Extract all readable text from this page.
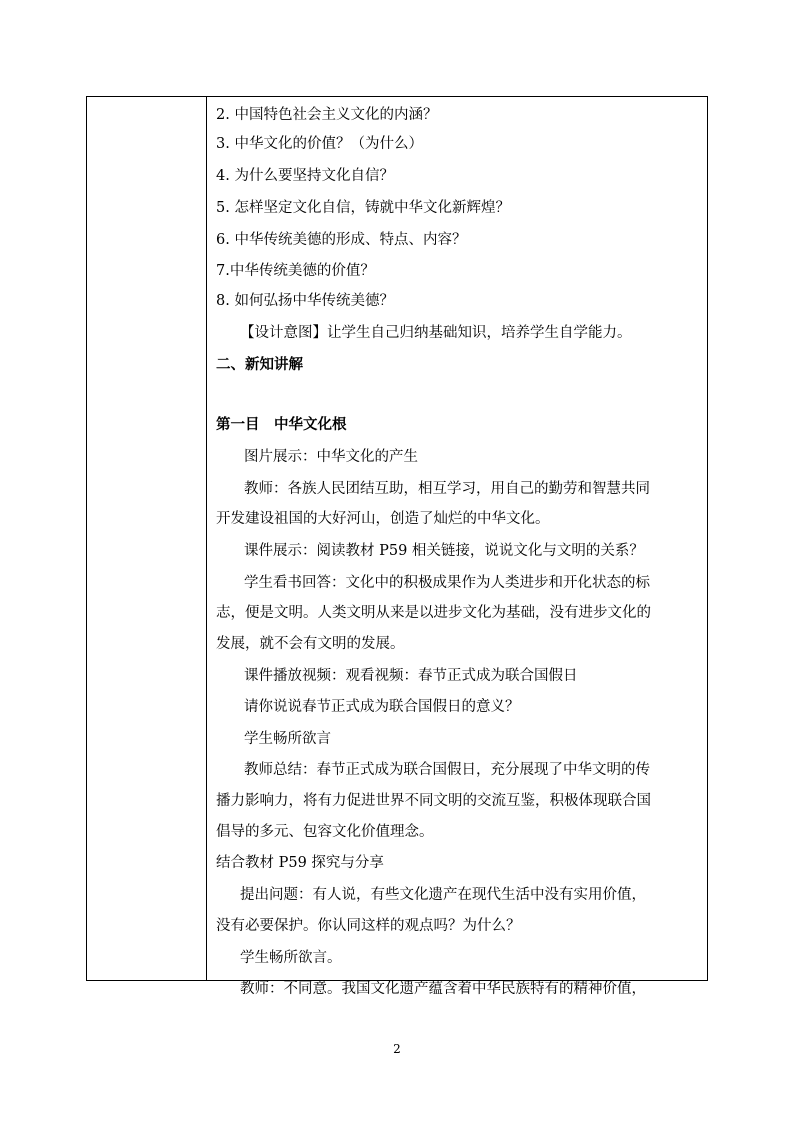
2. 中国特色社会主义文化的内涵？
3. 中华文化的价值？（为什么）
4. 为什么要坚持文化自信？
5. 怎样坚定文化自信，铸就中华文化新辉煌？
6. 中华传统美德的形成、特点、内容？
7.中华传统美德的价值？
8. 如何弘扬中华传统美德？
【设计意图】让学生自己归纳基础知识，培养学生自学能力。
二、新知讲解
第一目　中华文化根
图片展示：中华文化的产生
教师：各族人民团结互助，相互学习，用自己的勤劳和智慧共同
开发建设祖国的大好河山，创造了灿烂的中华文化。
课件展示：阅读教材 P59 相关链接，说说文化与文明的关系？
学生看书回答：文化中的积极成果作为人类进步和开化状态的标
志，便是文明。人类文明从来是以进步文化为基础，没有进步文化的
发展，就不会有文明的发展。
课件播放视频：观看视频：春节正式成为联合国假日
请你说说春节正式成为联合国假日的意义？
学生畅所欲言
教师总结：春节正式成为联合国假日，充分展现了中华文明的传
播力影响力，将有力促进世界不同文明的交流互鉴，积极体现联合国
倡导的多元、包容文化价值理念。
结合教材 P59 探究与分享
提出问题：有人说，有些文化遗产在现代生活中没有实用价值，
没有必要保护。你认同这样的观点吗？为什么？
学生畅所欲言。
教师：不同意。我国文化遗产蕴含着中华民族特有的精神价值，
2
